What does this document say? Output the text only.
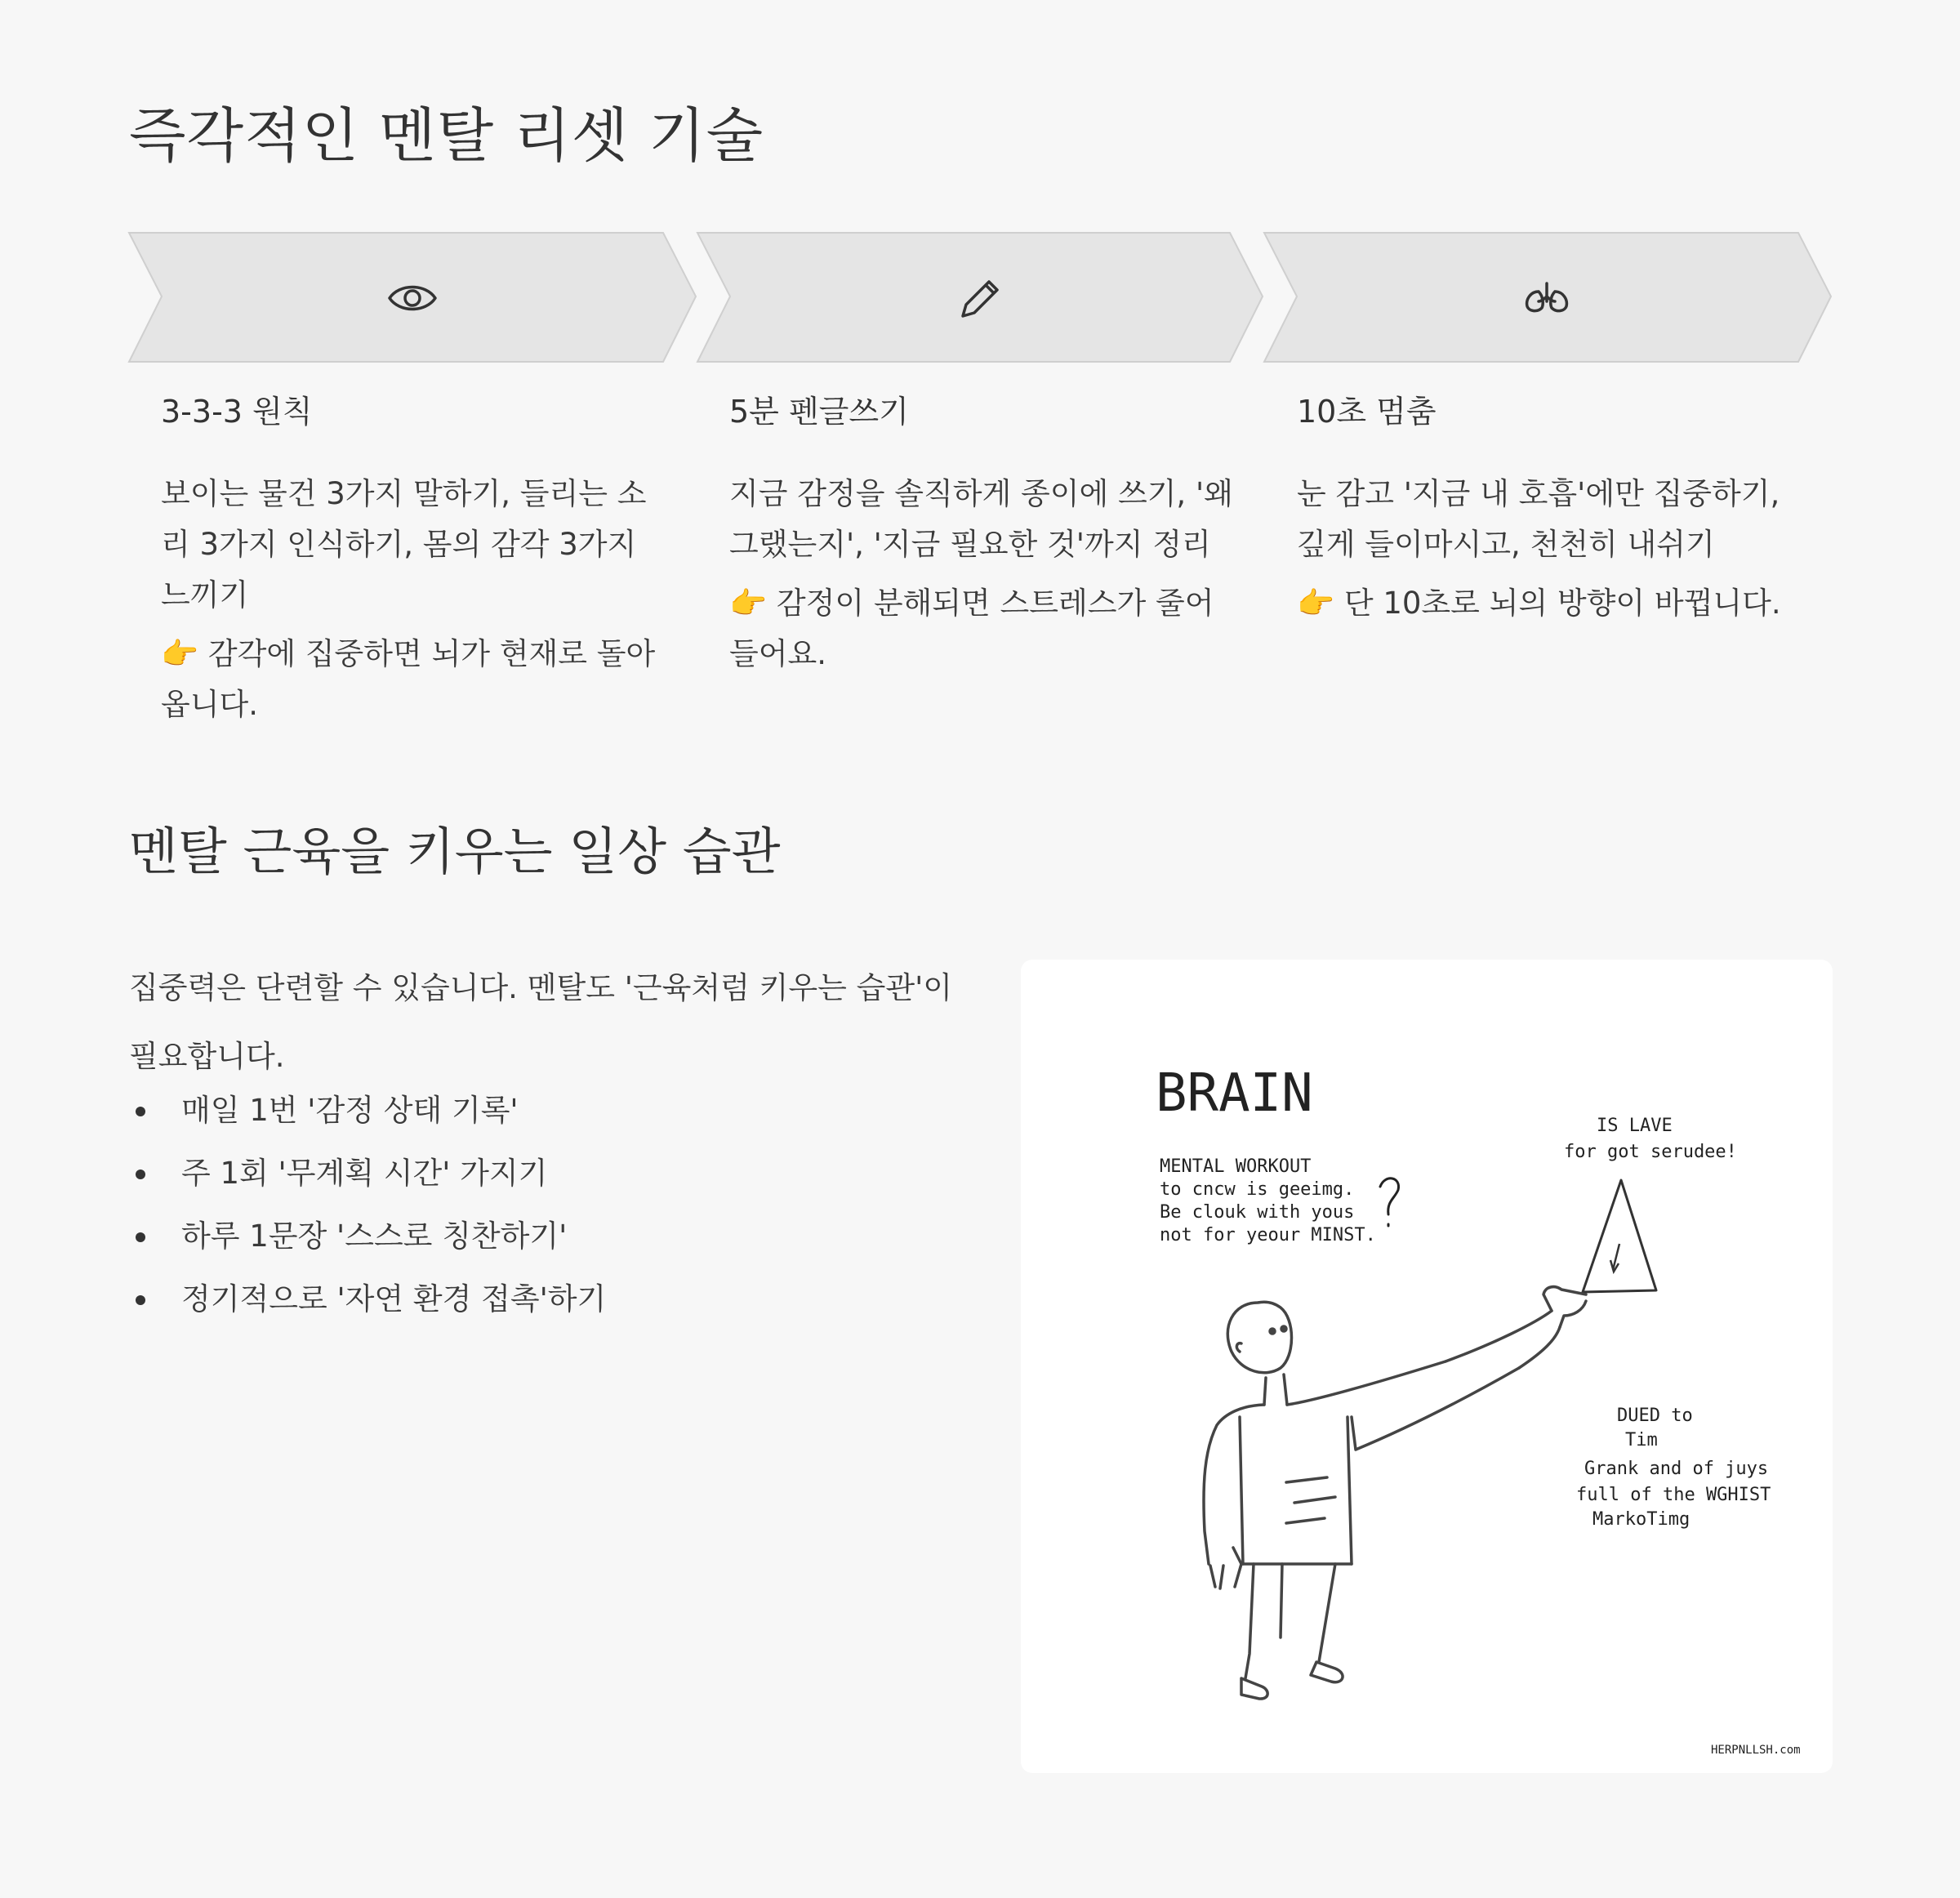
즉각적인 멘탈 리셋 기술
3-3-3 원칙
보이는 물건 3가지 말하기, 들리는 소리 3가지 인식하기, 몸의 감각 3가지 느끼기
👉 감각에 집중하면 뇌가 현재로 돌아옵니다.
5분 펜글쓰기
지금 감정을 솔직하게 종이에 쓰기, '왜 그랬는지', '지금 필요한 것'까지 정리
👉 감정이 분해되면 스트레스가 줄어들어요.
10초 멈춤
눈 감고 '지금 내 호흡'에만 집중하기, 깊게 들이마시고, 천천히 내쉬기
👉 단 10초로 뇌의 방향이 바뀝니다.
멘탈 근육을 키우는 일상 습관

집중력은 단련할 수 있습니다. 멘탈도 '근육처럼 키우는 습관'이 필요합니다.

매일 1번 '감정 상태 기록'
주 1회 '무계획 시간' 가지기
하루 1문장 '스스로 칭찬하기'
정기적으로 '자연 환경 접촉'하기
BRAIN
MENTAL WORKOUT
to cncw is geeimg.
Be clouk with yous
not for yeour MINST.
IS LAVE
for got serudee!
DUED to
Tim
Grank and of juys
full of the WGHIST
MarkoTimg
HERPNLLSH.com
